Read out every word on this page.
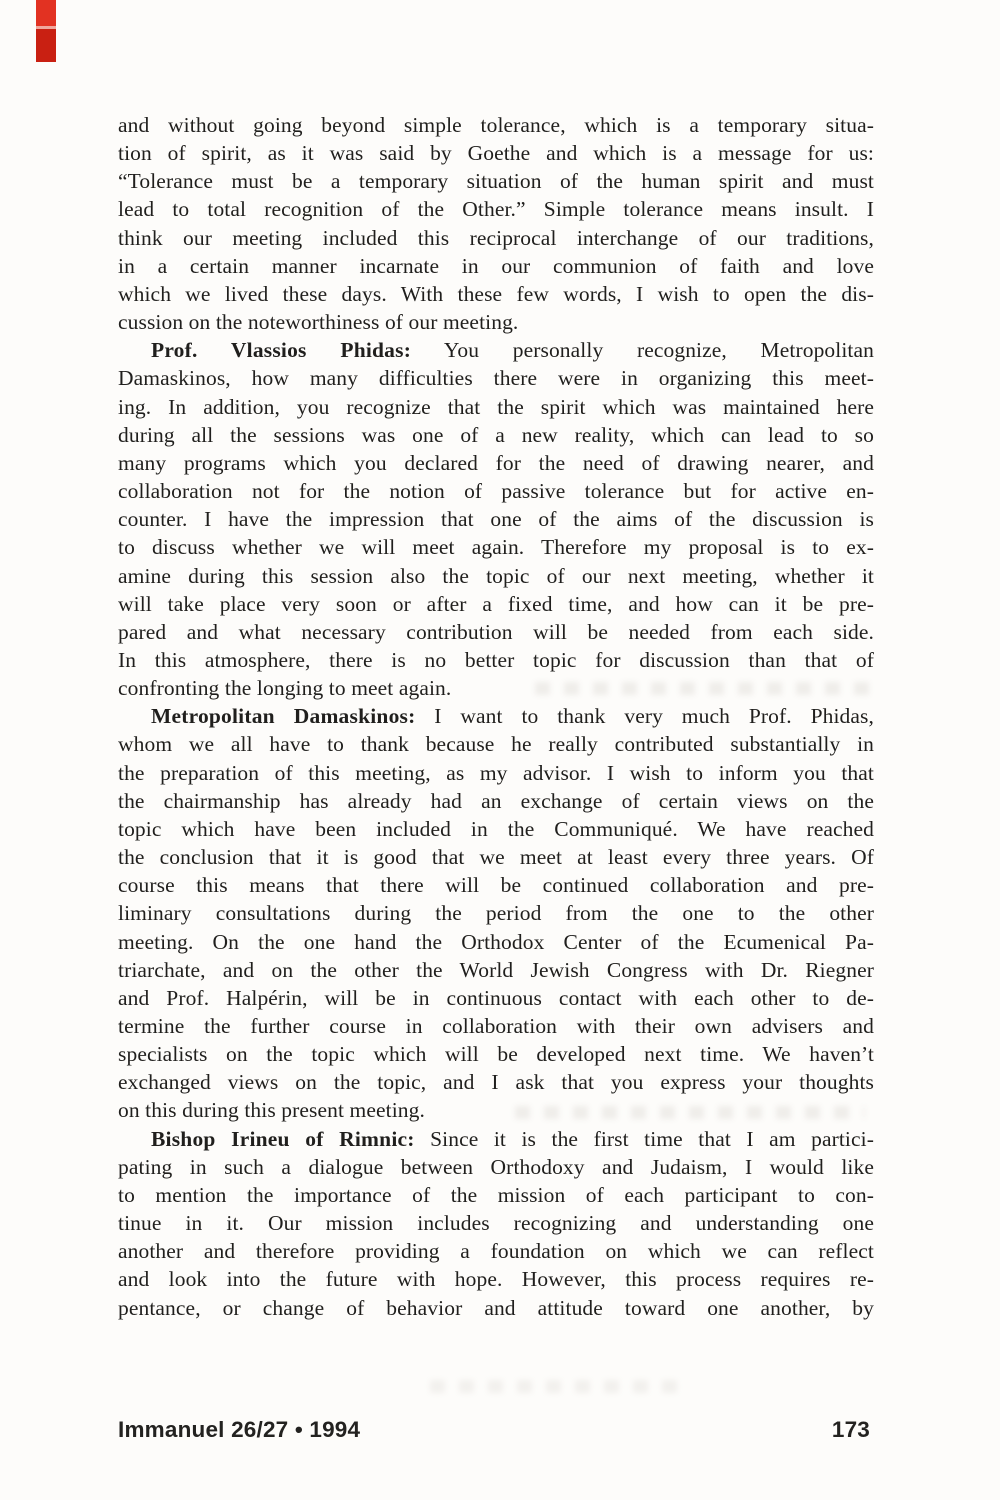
and without going beyond simple tolerance, which is a temporary situa-
tion of spirit, as it was said by Goethe and which is a message for us:
“Tolerance must be a temporary situation of the human spirit and must
lead to total recognition of the Other.” Simple tolerance means insult. I
think our meeting included this reciprocal interchange of our traditions,
in a certain manner incarnate in our communion of faith and love
which we lived these days. With these few words, I wish to open the dis-
cussion on the noteworthiness of our meeting.
Prof. Vlassios Phidas: You personally recognize, Metropolitan
Damaskinos, how many difficulties there were in organizing this meet-
ing. In addition, you recognize that the spirit which was maintained here
during all the sessions was one of a new reality, which can lead to so
many programs which you declared for the need of drawing nearer, and
collaboration not for the notion of passive tolerance but for active en-
counter. I have the impression that one of the aims of the discussion is
to discuss whether we will meet again. Therefore my proposal is to ex-
amine during this session also the topic of our next meeting, whether it
will take place very soon or after a fixed time, and how can it be pre-
pared and what necessary contribution will be needed from each side.
In this atmosphere, there is no better topic for discussion than that of
confronting the longing to meet again.
Metropolitan Damaskinos: I want to thank very much Prof. Phidas,
whom we all have to thank because he really contributed substantially in
the preparation of this meeting, as my advisor. I wish to inform you that
the chairmanship has already had an exchange of certain views on the
topic which have been included in the Communiqué. We have reached
the conclusion that it is good that we meet at least every three years. Of
course this means that there will be continued collaboration and pre-
liminary consultations during the period from the one to the other
meeting. On the one hand the Orthodox Center of the Ecumenical Pa-
triarchate, and on the other the World Jewish Congress with Dr. Riegner
and Prof. Halpérin, will be in continuous contact with each other to de-
termine the further course in collaboration with their own advisers and
specialists on the topic which will be developed next time. We haven’t
exchanged views on the topic, and I ask that you express your thoughts
on this during this present meeting.
Bishop Irineu of Rimnic: Since it is the first time that I am partici-
pating in such a dialogue between Orthodoxy and Judaism, I would like
to mention the importance of the mission of each participant to con-
tinue in it. Our mission includes recognizing and understanding one
another and therefore providing a foundation on which we can reflect
and look into the future with hope. However, this process requires re-
pentance, or change of behavior and attitude toward one another, by
Immanuel 26/27 • 1994	173
